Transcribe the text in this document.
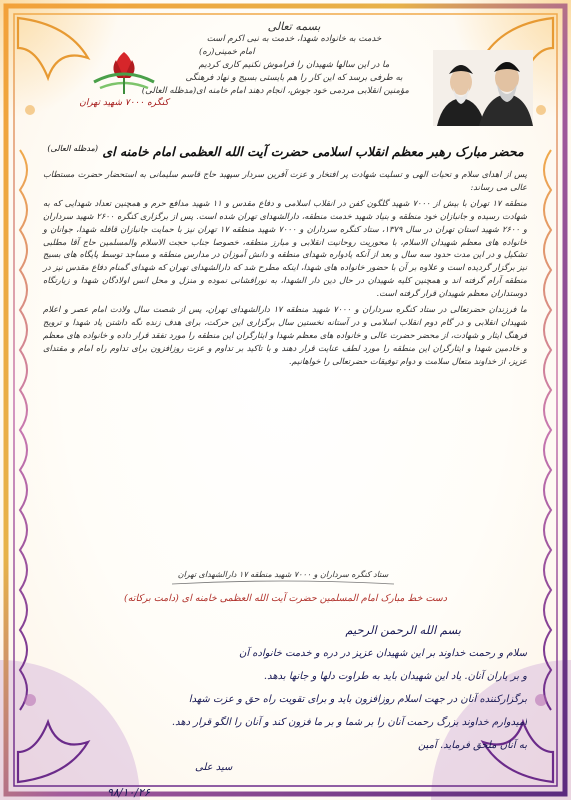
بسمه تعالی
خدمت به خانواده شهدا، خدمت به نبی اکرم است
امام خمینی(ره)
ما در این سالها شهیدان را فراموش نکنیم کاری کردیم
به طرفی برسد که این کار را هم بایستی بسیج و نهاد فرهنگی
مؤمنین انقلابی مردمی خود جوش، انجام دهند امام خامنه ای(مدظله العالی)
کنگره ۷۰۰۰ شهید تهران
محضر مبارک رهبر معظم انقلاب اسلامی حضرت آیت الله العظمی امام خامنه ای $^{(مدظله العالی)}$

پس از اهدای سلام و تحیات الهی و تسلیت شهادت پر افتخار و عزت آفرین سردار سپهبد حاج قاسم سلیمانی به استحضار حضرت مستطاب عالی می رساند:

منطقه ۱۷ تهران با بیش از ۷۰۰۰ شهید گلگون کفن در انقلاب اسلامی و دفاع مقدس و ۱۱ شهید مدافع حرم و همچنین تعداد شهدایی که به شهادت رسیده و جانبازان خود منظقه و بنیاد شهید خدمت منطقه، دارالشهدای تهران شده است. پس از برگزاری کنگره ۲۶۰۰ شهید سرداران و ۲۶۰۰ شهید استان تهران در سال ۱۳۷۹، ستاد کنگره سرداران و ۷۰۰۰ شهید منطقه ۱۷ تهران نیز با حمایت جانبازان قافله شهدا، جوانان و خانواده های معظم شهیدان الاسلام، با محوریت روحانیت انقلابی و مبارز منطقه، خصوصا جناب حجت الاسلام والمسلمین حاج آقا مطلبی تشکیل و در این مدت حدود سه سال و بعد از آنکه یادواره شهدای منطقه و دانش آموزان در مدارس منطقه و مساجد توسط پایگاه های بسیج نیز برگزار گردیده است و علاوه بر آن با حضور خانواده های شهدا، اینکه مطرح شد که دارالشهدای تهران که شهدای گمنام دفاع مقدس نیز در منطقه آرام گرفته اند و همچنین کلیه شهیدان در حال دین دار الشهدا، به نورافشانی نموده و منزل و محل انس اولادگان شهدا و زیارتگاه دوستداران معظم شهیدان قرار گرفته است.

ما فرزندان حضرتعالی در ستاد کنگره سرداران و ۷۰۰۰ شهید منطقه ۱۷ دارالشهدای تهران، پس از شصت سال ولادت امام عصر و اعلام شهیدان انقلابی و در گام دوم انقلاب اسلامی و در آستانه نخستین سال برگزاری این حرکت، برای هدف زنده نگه داشتن یاد شهدا و ترویج فرهنگ ایثار و شهادت، از محضر حضرت عالی و خانواده های معظم شهدا و ایثارگران این منطقه را مورد تفقد قرار داده و خانواده های معظم و خادمین شهدا و ایثارگران این منطقه را مورد لطف عنایت قرار دهند و با تاکید بر تداوم و عزت روزافزون برای تداوم راه امام و مقتدای عزیز، از خداوند متعال سلامت و دوام توفیقات حضرتعالی را خواهانیم.

ستاد کنگره سرداران و ۷۰۰۰ شهید منطقه ۱۷ دارالشهدای تهران
دست خط مبارک امام المسلمین حضرت آیت الله العظمی خامنه ای (دامت برکاته)
بسم الله الرحمن الرحیم
سلام و رحمت خداوند بر این شهیدان عزیز در دره و خدمت خانواده آن
و بر یاران آنان. یاد این شهیدان باید به طراوت دلها و جانها بدهد.
برگزارکننده آنان در جهت اسلام روزافزون باید و برای تقویت راه حق و عزت شهدا
امیدوارم خداوند بزرگ رحمت آنان را بر شما و بر ما فزون کند و آنان را الگو قرار دهد.
به آنان ملحق فرماید. آمین
سید علی
۹۸/۱۰/۲۶
